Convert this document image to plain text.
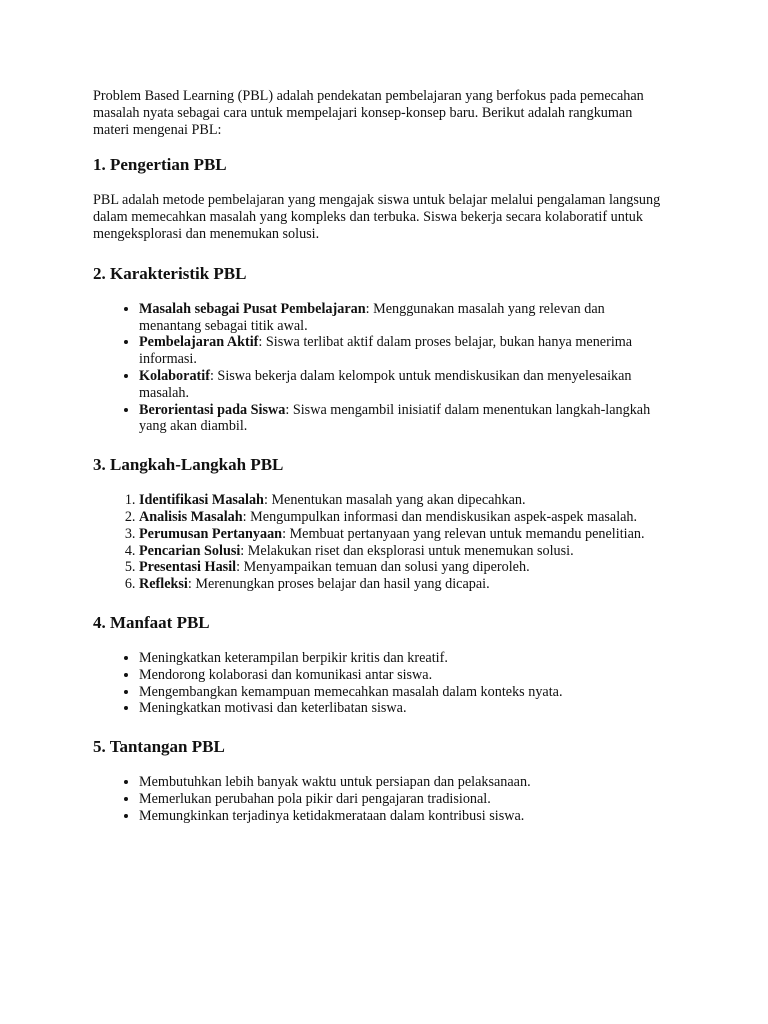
Problem Based Learning (PBL) adalah pendekatan pembelajaran yang berfokus pada pemecahan masalah nyata sebagai cara untuk mempelajari konsep-konsep baru. Berikut adalah rangkuman materi mengenai PBL:

1. Pengertian PBL

PBL adalah metode pembelajaran yang mengajak siswa untuk belajar melalui pengalaman langsung dalam memecahkan masalah yang kompleks dan terbuka. Siswa bekerja secara kolaboratif untuk mengeksplorasi dan menemukan solusi.

2. Karakteristik PBL
• Masalah sebagai Pusat Pembelajaran: Menggunakan masalah yang relevan dan menantang sebagai titik awal.
• Pembelajaran Aktif: Siswa terlibat aktif dalam proses belajar, bukan hanya menerima informasi.
• Kolaboratif: Siswa bekerja dalam kelompok untuk mendiskusikan dan menyelesaikan masalah.
• Berorientasi pada Siswa: Siswa mengambil inisiatif dalam menentukan langkah-langkah yang akan diambil.
3. Langkah-Langkah PBL
1. Identifikasi Masalah: Menentukan masalah yang akan dipecahkan.
2. Analisis Masalah: Mengumpulkan informasi dan mendiskusikan aspek-aspek masalah.
3. Perumusan Pertanyaan: Membuat pertanyaan yang relevan untuk memandu penelitian.
4. Pencarian Solusi: Melakukan riset dan eksplorasi untuk menemukan solusi.
5. Presentasi Hasil: Menyampaikan temuan dan solusi yang diperoleh.
6. Refleksi: Merenungkan proses belajar dan hasil yang dicapai.
4. Manfaat PBL
• Meningkatkan keterampilan berpikir kritis dan kreatif.
• Mendorong kolaborasi dan komunikasi antar siswa.
• Mengembangkan kemampuan memecahkan masalah dalam konteks nyata.
• Meningkatkan motivasi dan keterlibatan siswa.
5. Tantangan PBL
• Membutuhkan lebih banyak waktu untuk persiapan dan pelaksanaan.
• Memerlukan perubahan pola pikir dari pengajaran tradisional.
• Memungkinkan terjadinya ketidakmerataan dalam kontribusi siswa.
